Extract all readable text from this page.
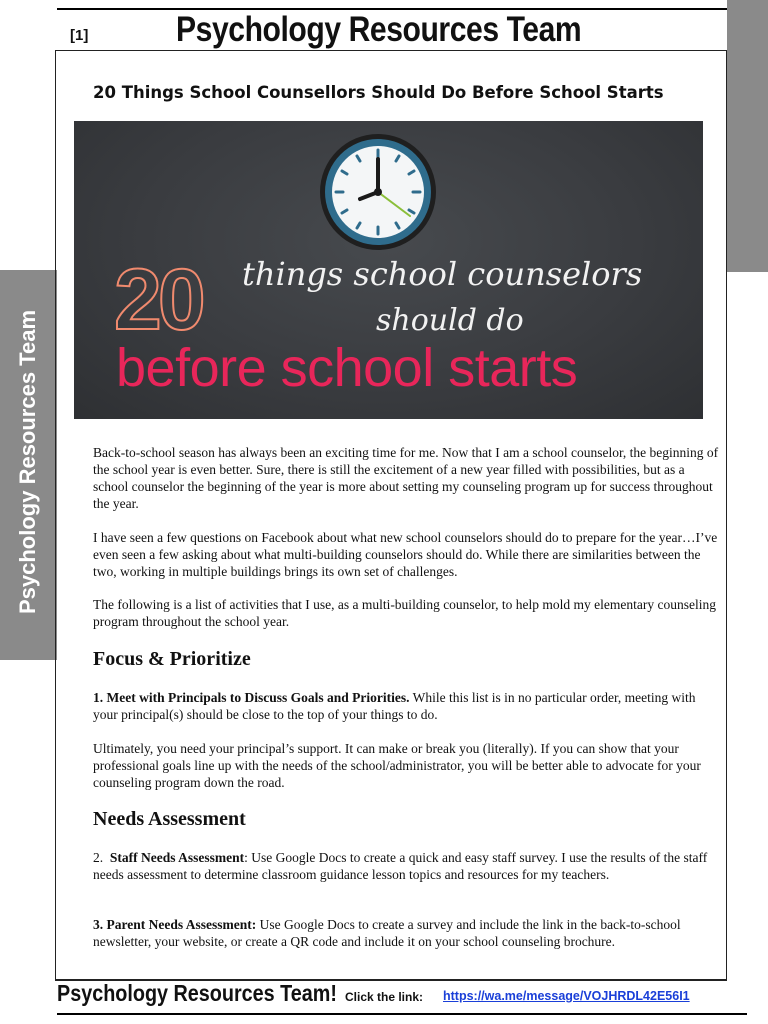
Psychology Resources Team
[1]	Psychology Resources Team
20 Things School Counsellors Should Do Before School Starts
20 things school counselors
should do
before school starts
Back-to-school season has always been an exciting time for me. Now that I am a school counselor, the beginning of the school year is even better. Sure, there is still the excitement of a new year filled with possibilities, but as a school counselor the beginning of the year is more about setting my counseling program up for success throughout the year.
I have seen a few questions on Facebook about what new school counselors should do to prepare for the year…I’ve even seen a few asking about what multi-building counselors should do. While there are similarities between the two, working in multiple buildings brings its own set of challenges.
The following is a list of activities that I use, as a multi-building counselor, to help mold my elementary counseling program throughout the school year.
Focus & Prioritize
1. Meet with Principals to Discuss Goals and Priorities. While this list is in no particular order, meeting with your principal(s) should be close to the top of your things to do.
Ultimately, you need your principal’s support. It can make or break you (literally). If you can show that your professional goals line up with the needs of the school/administrator, you will be better able to advocate for your counseling program down the road.
Needs Assessment
2.  Staff Needs Assessment: Use Google Docs to create a quick and easy staff survey. I use the results of the staff needs assessment to determine classroom guidance lesson topics and resources for my teachers.
3. Parent Needs Assessment: Use Google Docs to create a survey and include the link in the back-to-school newsletter, your website, or create a QR code and include it on your school counseling brochure.
Psychology Resources Team! Click the link: https://wa.me/message/VOJHRDL42E56I1
